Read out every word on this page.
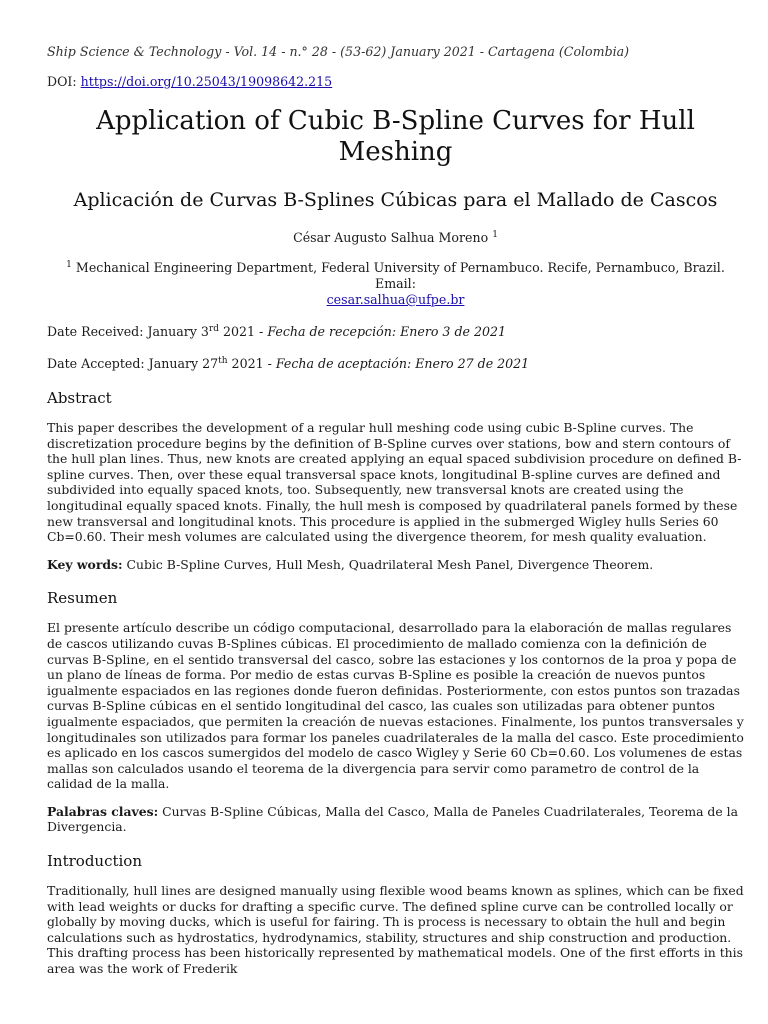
Ship Science & Technology - Vol. 14 - n.° 28 - (53-62) January 2021 - Cartagena (Colombia)
DOI: https://doi.org/10.25043/19098642.215
Application of Cubic B-Spline Curves for Hull Meshing
Aplicación de Curvas B-Splines Cúbicas para el Mallado de Cascos
César Augusto Salhua Moreno $^1$
$^1$ Mechanical Engineering Department, Federal University of Pernambuco. Recife, Pernambuco, Brazil. Email:
cesar.salhua@ufpe.br
Date Received: January 3rd 2021 - Fecha de recepción: Enero 3 de 2021
Date Accepted: January 27th 2021 - Fecha de aceptación: Enero 27 de 2021
Abstract

This paper describes the development of a regular hull meshing code using cubic B-Spline curves. The discretization procedure begins by the definition of B-Spline curves over stations, bow and stern contours of the hull plan lines. Thus, new knots are created applying an equal spaced subdivision procedure on defined B-spline curves. Then, over these equal transversal space knots, longitudinal B-spline curves are defined and subdivided into equally spaced knots, too. Subsequently, new transversal knots are created using the longitudinal equally spaced knots. Finally, the hull mesh is composed by quadrilateral panels formed by these new transversal and longitudinal knots. This procedure is applied in the submerged Wigley hulls Series 60 Cb=0.60. Their mesh volumes are calculated using the divergence theorem, for mesh quality evaluation.

Key words: Cubic B-Spline Curves, Hull Mesh, Quadrilateral Mesh Panel, Divergence Theorem.

Resumen

El presente artículo describe un código computacional, desarrollado para la elaboración de mallas regulares de cascos utilizando cuvas B-Splines cúbicas. El procedimiento de mallado comienza con la definición de curvas B-Spline, en el sentido transversal del casco, sobre las estaciones y los contornos de la proa y popa de un plano de líneas de forma. Por medio de estas curvas B-Spline es posible la creación de nuevos puntos igualmente espaciados en las regiones donde fueron definidas. Posteriormente, con estos puntos son trazadas curvas B-Spline cúbicas en el sentido longitudinal del casco, las cuales son utilizadas para obtener puntos igualmente espaciados, que permiten la creación de nuevas estaciones. Finalmente, los puntos transversales y longitudinales son utilizados para formar los paneles cuadrilaterales de la malla del casco. Este procedimiento es aplicado en los cascos sumergidos del modelo de casco Wigley y Serie 60 Cb=0.60. Los volumenes de estas mallas son calculados usando el teorema de la divergencia para servir como parametro de control de la calidad de la malla.

Palabras claves: Curvas B-Spline Cúbicas, Malla del Casco, Malla de Paneles Cuadrilaterales, Teorema de la Divergencia.

Introduction

Traditionally, hull lines are designed manually using flexible wood beams known as splines, which can be fixed with lead weights or ducks for drafting a specific curve. The defined spline curve can be controlled locally or globally by moving ducks, which is useful for fairing. Th is process is necessary to obtain the hull and begin calculations such as hydrostatics, hydrodynamics, stability, structures and ship construction and production. This drafting process has been historically represented by mathematical models. One of the first efforts in this area was the work of Frederik
